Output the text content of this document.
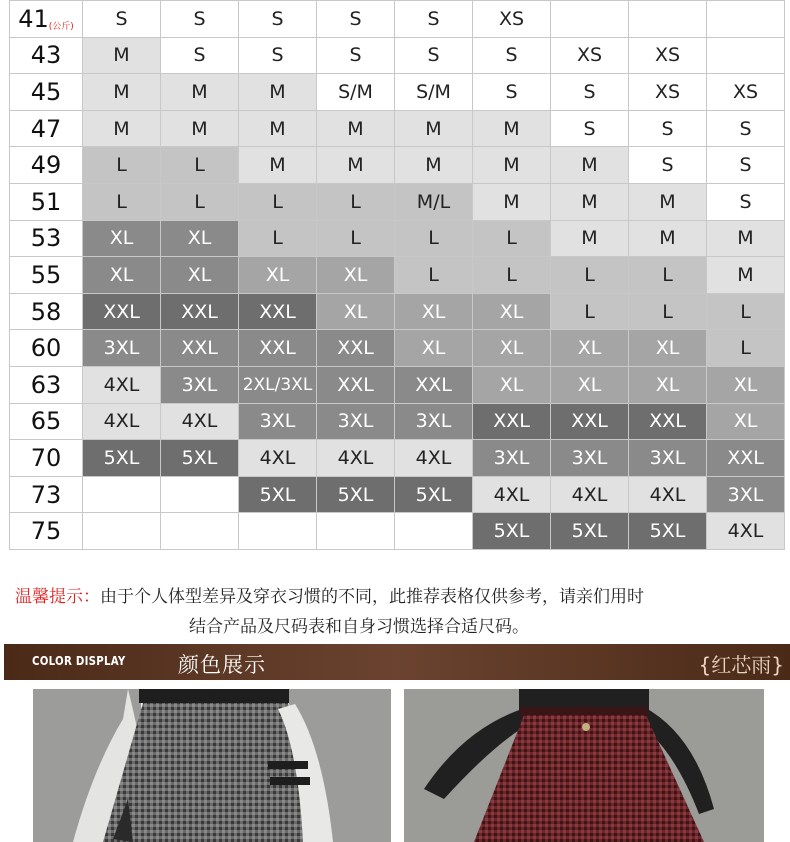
41(公斤)	S	S	S	S	S	XS			
43	M	S	S	S	S	S	XS	XS	
45	M	M	M	S/M	S/M	S	S	XS	XS
47	M	M	M	M	M	M	S	S	S
49	L	L	M	M	M	M	M	S	S
51	L	L	L	L	M/L	M	M	M	S
53	XL	XL	L	L	L	L	M	M	M
55	XL	XL	XL	XL	L	L	L	L	M
58	XXL	XXL	XXL	XL	XL	XL	L	L	L
60	3XL	XXL	XXL	XXL	XL	XL	XL	XL	L
63	4XL	3XL	2XL/3XL	XXL	XXL	XL	XL	XL	XL
65	4XL	4XL	3XL	3XL	3XL	XXL	XXL	XXL	XL
70	5XL	5XL	4XL	4XL	4XL	3XL	3XL	3XL	XXL
73			5XL	5XL	5XL	4XL	4XL	4XL	3XL
75						5XL	5XL	5XL	4XL
温馨提示：由于个人体型差异及穿衣习惯的不同，此推荐表格仅供参考，请亲们用时
结合产品及尺码表和自身习惯选择合适尺码。
COLOR DISPLAY 颜色展示	{红芯雨}
